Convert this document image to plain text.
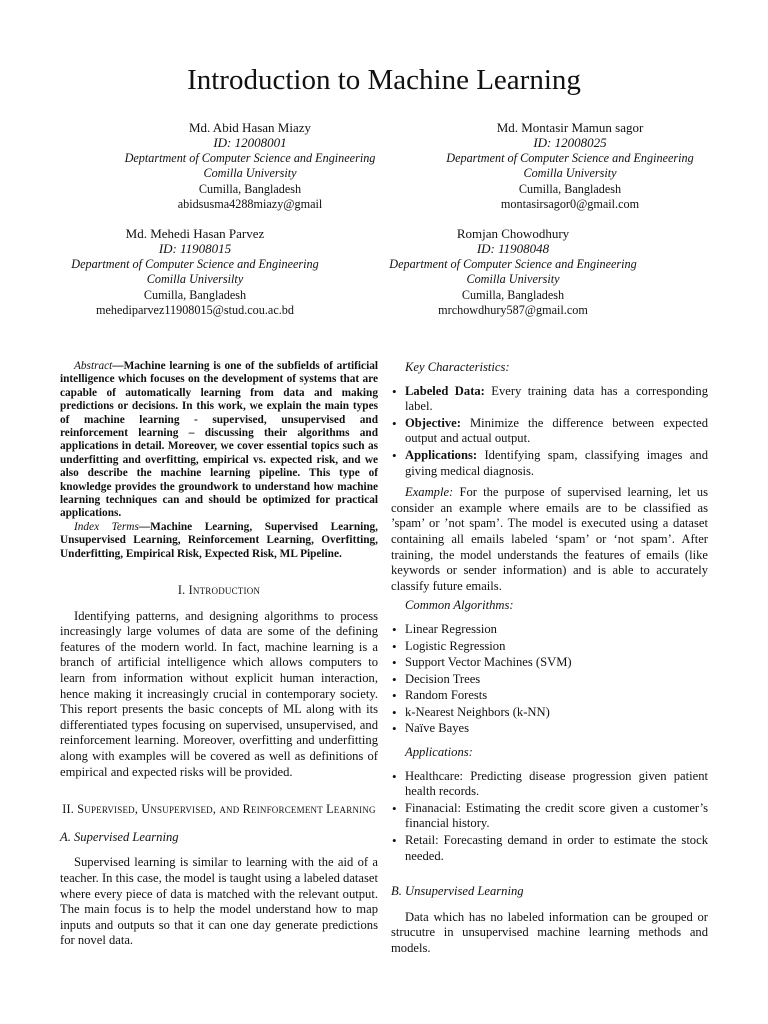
Introduction to Machine Learning
Md. Abid Hasan Miazy
ID: 12008001
Deptartment of Computer Science and Engineering
Comilla University
Cumilla, Bangladesh
abidsusma4288miazy@gmail
Md. Montasir Mamun sagor
ID: 12008025
Department of Computer Science and Engineering
Comilla University
Cumilla, Bangladesh
montasirsagor0@gmail.com
Md. Mehedi Hasan Parvez
ID: 11908015
Department of Computer Science and Engineering
Comilla Universilty
Cumilla, Bangladesh
mehediparvez11908015@stud.cou.ac.bd
Romjan Chowodhury
ID: 11908048
Department of Computer Science and Engineering
Comilla University
Cumilla, Bangladesh
mrchowdhury587@gmail.com

Abstract—Machine learning is one of the subfields of artificial intelligence which focuses on the development of systems that are capable of automatically learning from data and making predictions or decisions. In this work, we explain the main types of machine learning - supervised, unsupervised and reinforcement learning – discussing their algorithms and applications in detail. Moreover, we cover essential topics such as underfitting and overfitting, empirical vs. expected risk, and we also describe the machine learning pipeline. This type of knowledge provides the groundwork to understand how machine learning techniques can and should be optimized for practical applications.

Index Terms—Machine Learning, Supervised Learning, Unsupervised Learning, Reinforcement Learning, Overfitting, Underfitting, Empirical Risk, Expected Risk, ML Pipeline.

I. Introduction

Identifying patterns, and designing algorithms to process increasingly large volumes of data are some of the defining features of the modern world. In fact, machine learning is a branch of artificial intelligence which allows computers to learn from information without explicit human interaction, hence making it increasingly crucial in contemporary society. This report presents the basic concepts of ML along with its differentiated types focusing on supervised, unsupervised, and reinforcement learning. Moreover, overfitting and underfitting along with examples will be covered as well as definitions of empirical and expected risks will be provided.

II. Supervised, Unsupervised, and Reinforcement Learning
A. Supervised Learning

Supervised learning is similar to learning with the aid of a teacher. In this case, the model is taught using a labeled dataset where every piece of data is matched with the relevant output. The main focus is to help the model understand how to map inputs and outputs so that it can one day generate predictions for novel data.

Key Characteristics:
• Labeled Data: Every training data has a corresponding label.
• Objective: Minimize the difference between expected output and actual output.
• Applications: Identifying spam, classifying images and giving medical diagnosis.

Example: For the purpose of supervised learning, let us consider an example where emails are to be classified as ’spam’ or ’not spam’. The model is executed using a dataset containing all emails labeled ‘spam’ or ‘not spam’. After training, the model understands the features of emails (like keywords or sender information) and is able to accurately classify future emails.

Common Algorithms:
• Linear Regression
• Logistic Regression
• Support Vector Machines (SVM)
• Decision Trees
• Random Forests
• k-Nearest Neighbors (k-NN)
• Naïve Bayes
Applications:
• Healthcare: Predicting disease progression given patient health records.
• Finanacial: Estimating the credit score given a customer’s financial history.
• Retail: Forecasting demand in order to estimate the stock needed.
B. Unsupervised Learning

Data which has no labeled information can be grouped or strucutre in unsupervised machine learning methods and models.
